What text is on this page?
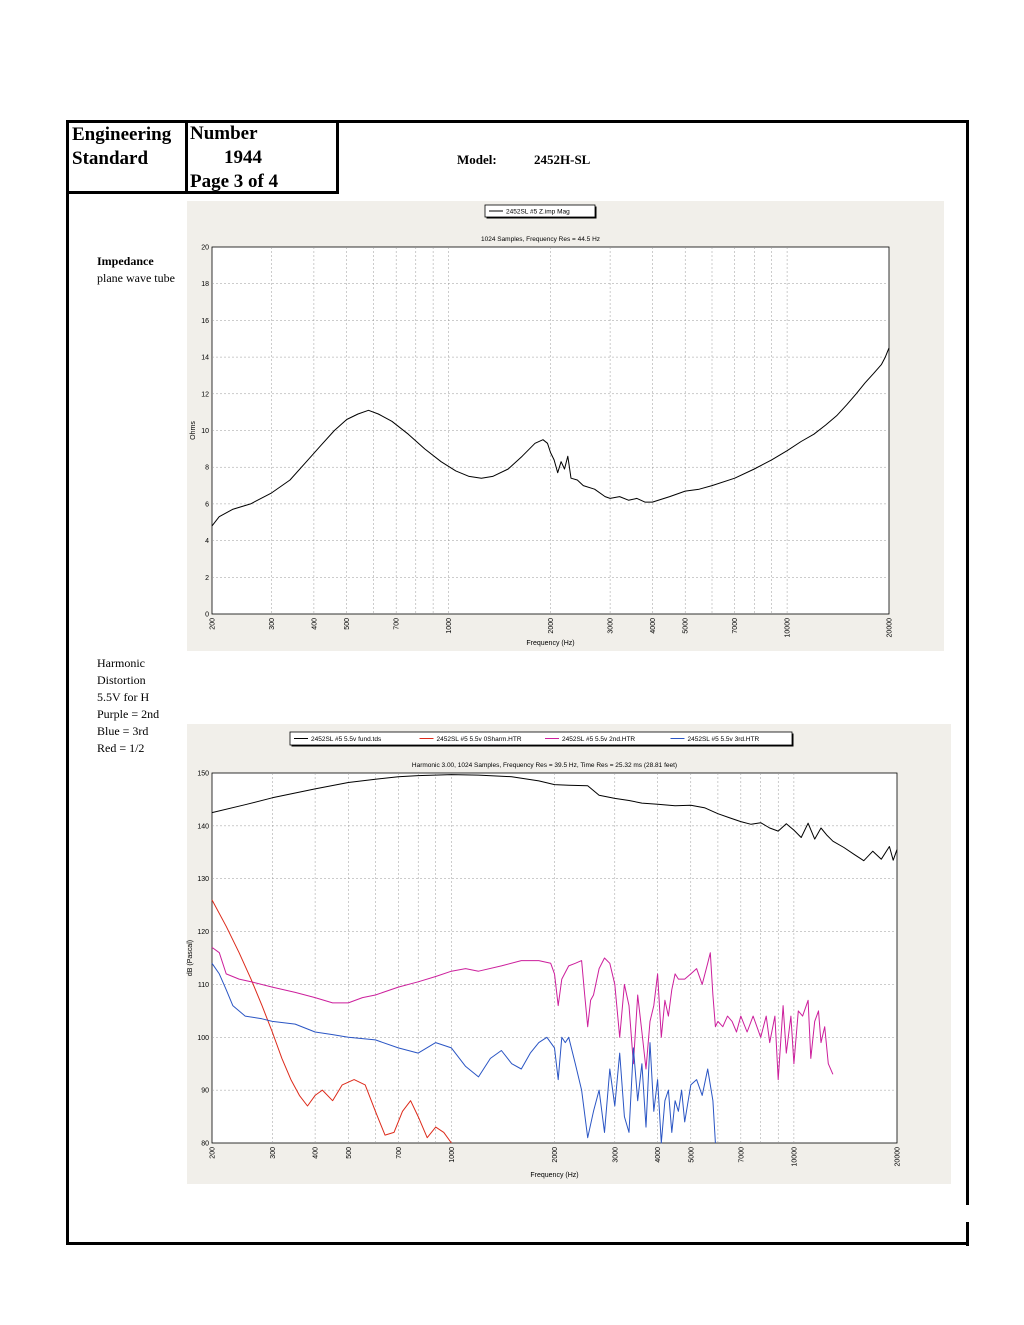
Engineering
Standard
Number
1944
Page 3 of 4
Model:	2452H-SL
Impedance
plane wave tube
Harmonic
Distortion
5.5V for H
Purple = 2nd
Blue = 3rd
Red = 1/2
0
2
4
6
8
10
12
14
16
18
20
200	300	400	500	700	1000	2000	3000	4000	5000	7000	10000	20000
Frequency (Hz)
Ohms
1024 Samples, Frequency Res = 44.5 Hz
2452SL #5 Z.imp Mag
80
90
100
110
120
130
140
150
200	300	400	500	700	1000	2000	3000	4000	5000	7000	10000	20000
Frequency (Hz)
dB (Pascal)
Harmonic 3.00, 1024 Samples, Frequency Res = 39.5 Hz, Time Res = 25.32 ms (28.81 feet)
2452SL #5 5.5v fund.tds	2452SL #5 5.5v 0Sharm.HTR	2452SL #5 5.5v 2nd.HTR	2452SL #5 5.5v 3rd.HTR
